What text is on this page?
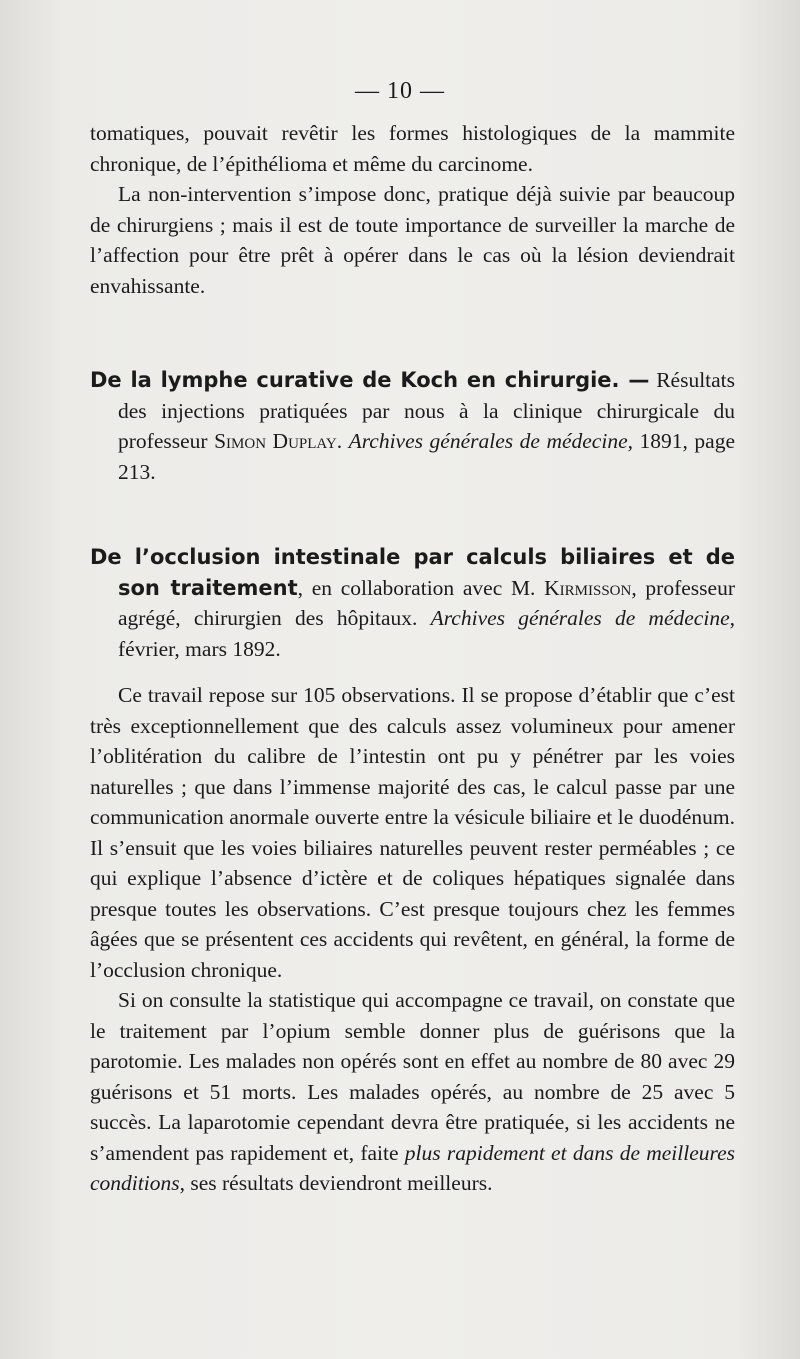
— 10 —

tomatiques, pouvait revêtir les formes histologiques de la mammite chronique, de l’épithélioma et même du carcinome.

La non-intervention s’impose donc, pratique déjà suivie par beaucoup de chirurgiens ; mais il est de toute importance de surveiller la marche de l’affection pour être prêt à opérer dans le cas où la lésion deviendrait envahissante.

De la lymphe curative de Koch en chirurgie. — Résultats des injections pratiquées par nous à la clinique chirurgicale du professeur Simon Duplay. Archives générales de médecine, 1891, page 213.

De l’occlusion intestinale par calculs biliaires et de son traitement, en collaboration avec M. Kirmisson, professeur agrégé, chirurgien des hôpitaux. Archives générales de médecine, février, mars 1892.

Ce travail repose sur 105 observations. Il se propose d’établir que c’est très exceptionnellement que des calculs assez volumineux pour amener l’oblitération du calibre de l’intestin ont pu y pénétrer par les voies naturelles ; que dans l’immense majorité des cas, le calcul passe par une communication anormale ouverte entre la vésicule biliaire et le duodénum. Il s’ensuit que les voies biliaires naturelles peuvent rester perméables ; ce qui explique l’absence d’ictère et de coliques hépatiques signalée dans presque toutes les observations. C’est presque toujours chez les femmes âgées que se présentent ces accidents qui revêtent, en général, la forme de l’occlusion chronique.

Si on consulte la statistique qui accompagne ce travail, on constate que le traitement par l’opium semble donner plus de guérisons que la parotomie. Les malades non opérés sont en effet au nombre de 80 avec 29 guérisons et 51 morts. Les malades opérés, au nombre de 25 avec 5 succès. La laparotomie cependant devra être pratiquée, si les accidents ne s’amendent pas rapidement et, faite plus rapidement et dans de meilleures conditions, ses résultats deviendront meilleurs.
